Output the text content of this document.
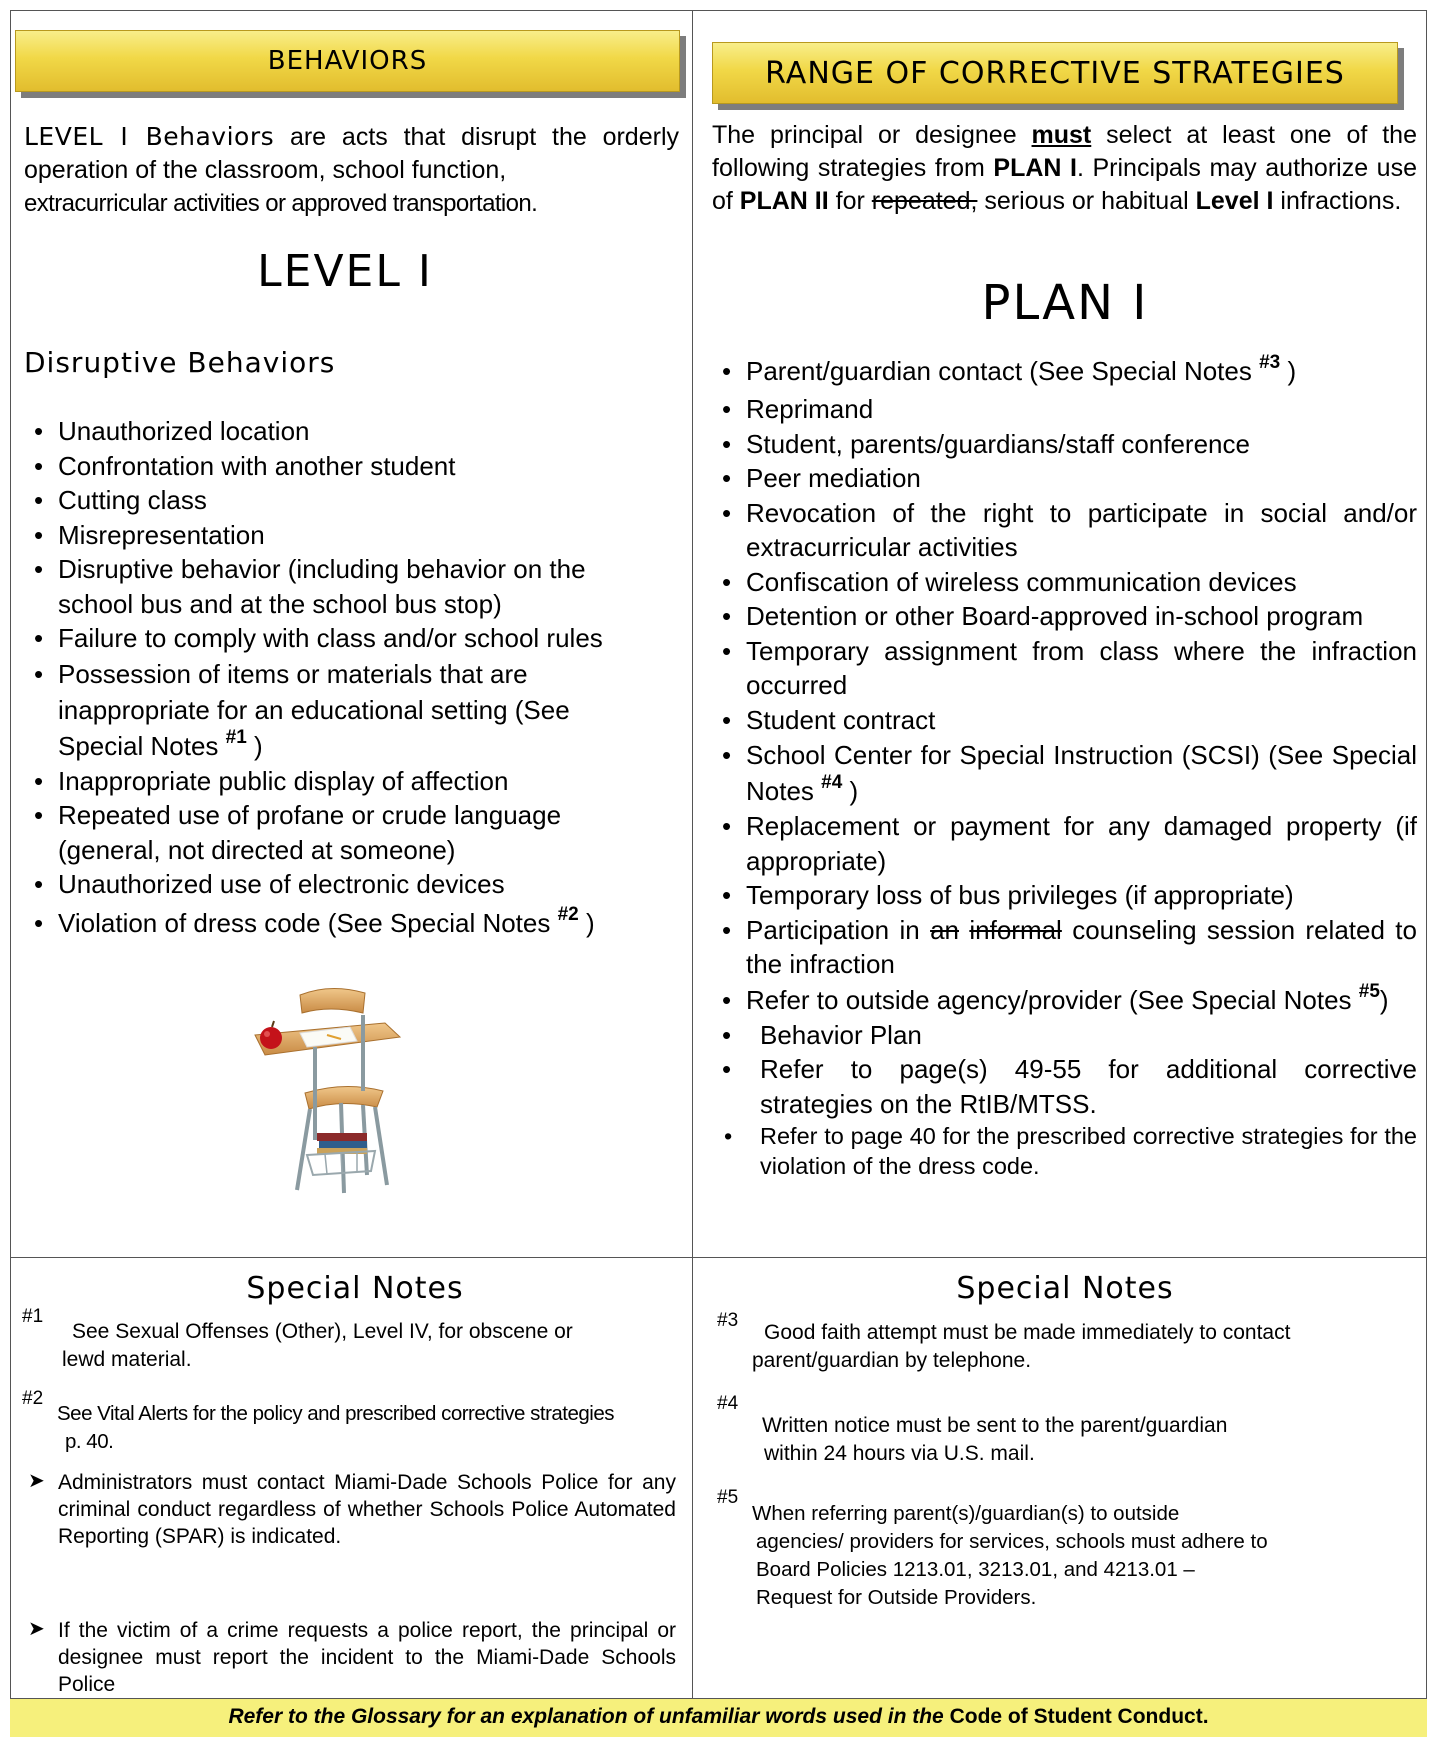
BEHAVIORS
LEVEL I Behaviors are acts that disrupt the orderly operation of the classroom, school function,
extracurricular activities or approved transportation.
LEVEL I
Disruptive Behaviors
• Unauthorized location
• Confrontation with another student
• Cutting class
• Misrepresentation
• Disruptive behavior (including behavior on the school bus and at the school bus stop)
• Failure to comply with class and/or school rules
• Possession of items or materials that are inappropriate for an educational setting (See Special Notes $^{\#1}$ )
• Inappropriate public display of affection
• Repeated use of profane or crude language (general, not directed at someone)
• Unauthorized use of electronic devices
• Violation of dress code (See Special Notes $^{\#2}$ )
RANGE OF CORRECTIVE STRATEGIES
The principal or designee must select at least one of the following strategies from PLAN I. Principals may authorize use of PLAN II for repeated, serious or habitual Level I infractions.
PLAN I
• Parent/guardian contact (See Special Notes $^{\#3}$ )
• Reprimand
• Student, parents/guardians/staff conference
• Peer mediation
• Revocation of the right to participate in social and/or extracurricular activities
• Confiscation of wireless communication devices
• Detention or other Board-approved in-school program
• Temporary assignment from class where the infraction occurred
• Student contract
• School Center for Special Instruction (SCSI) (See Special Notes $^{\#4}$ )
• Replacement or payment for any damaged property (if appropriate)
• Temporary loss of bus privileges (if appropriate)
• Participation in an informal counseling session related to the infraction
• Refer to outside agency/provider (See Special Notes $^{\#5}$)
• Behavior Plan
• Refer to page(s) 49-55 for additional corrective strategies on the RtIB/MTSS.
• Refer to page 40 for the prescribed corrective strategies for the violation of the dress code.
Special Notes	Special Notes
#1
See Sexual Offenses (Other), Level IV, for obscene or
lewd material.
#2
See Vital Alerts for the policy and prescribed corrective strategies
p. 40.
➤ Administrators must contact Miami-Dade Schools Police for any criminal conduct regardless of whether Schools Police Automated Reporting (SPAR) is indicated.
➤ If the victim of a crime requests a police report, the principal or designee must report the incident to the Miami-Dade Schools Police
#3
Good faith attempt must be made immediately to contact
parent/guardian by telephone.
#4
Written notice must be sent to the parent/guardian
within 24 hours via U.S. mail.
#5
When referring parent(s)/guardian(s) to outside
agencies/ providers for services, schools must adhere to
Board Policies 1213.01, 3213.01, and 4213.01 –
Request for Outside Providers.
Refer to the Glossary for an explanation of unfamiliar words used in the Code of Student Conduct.
